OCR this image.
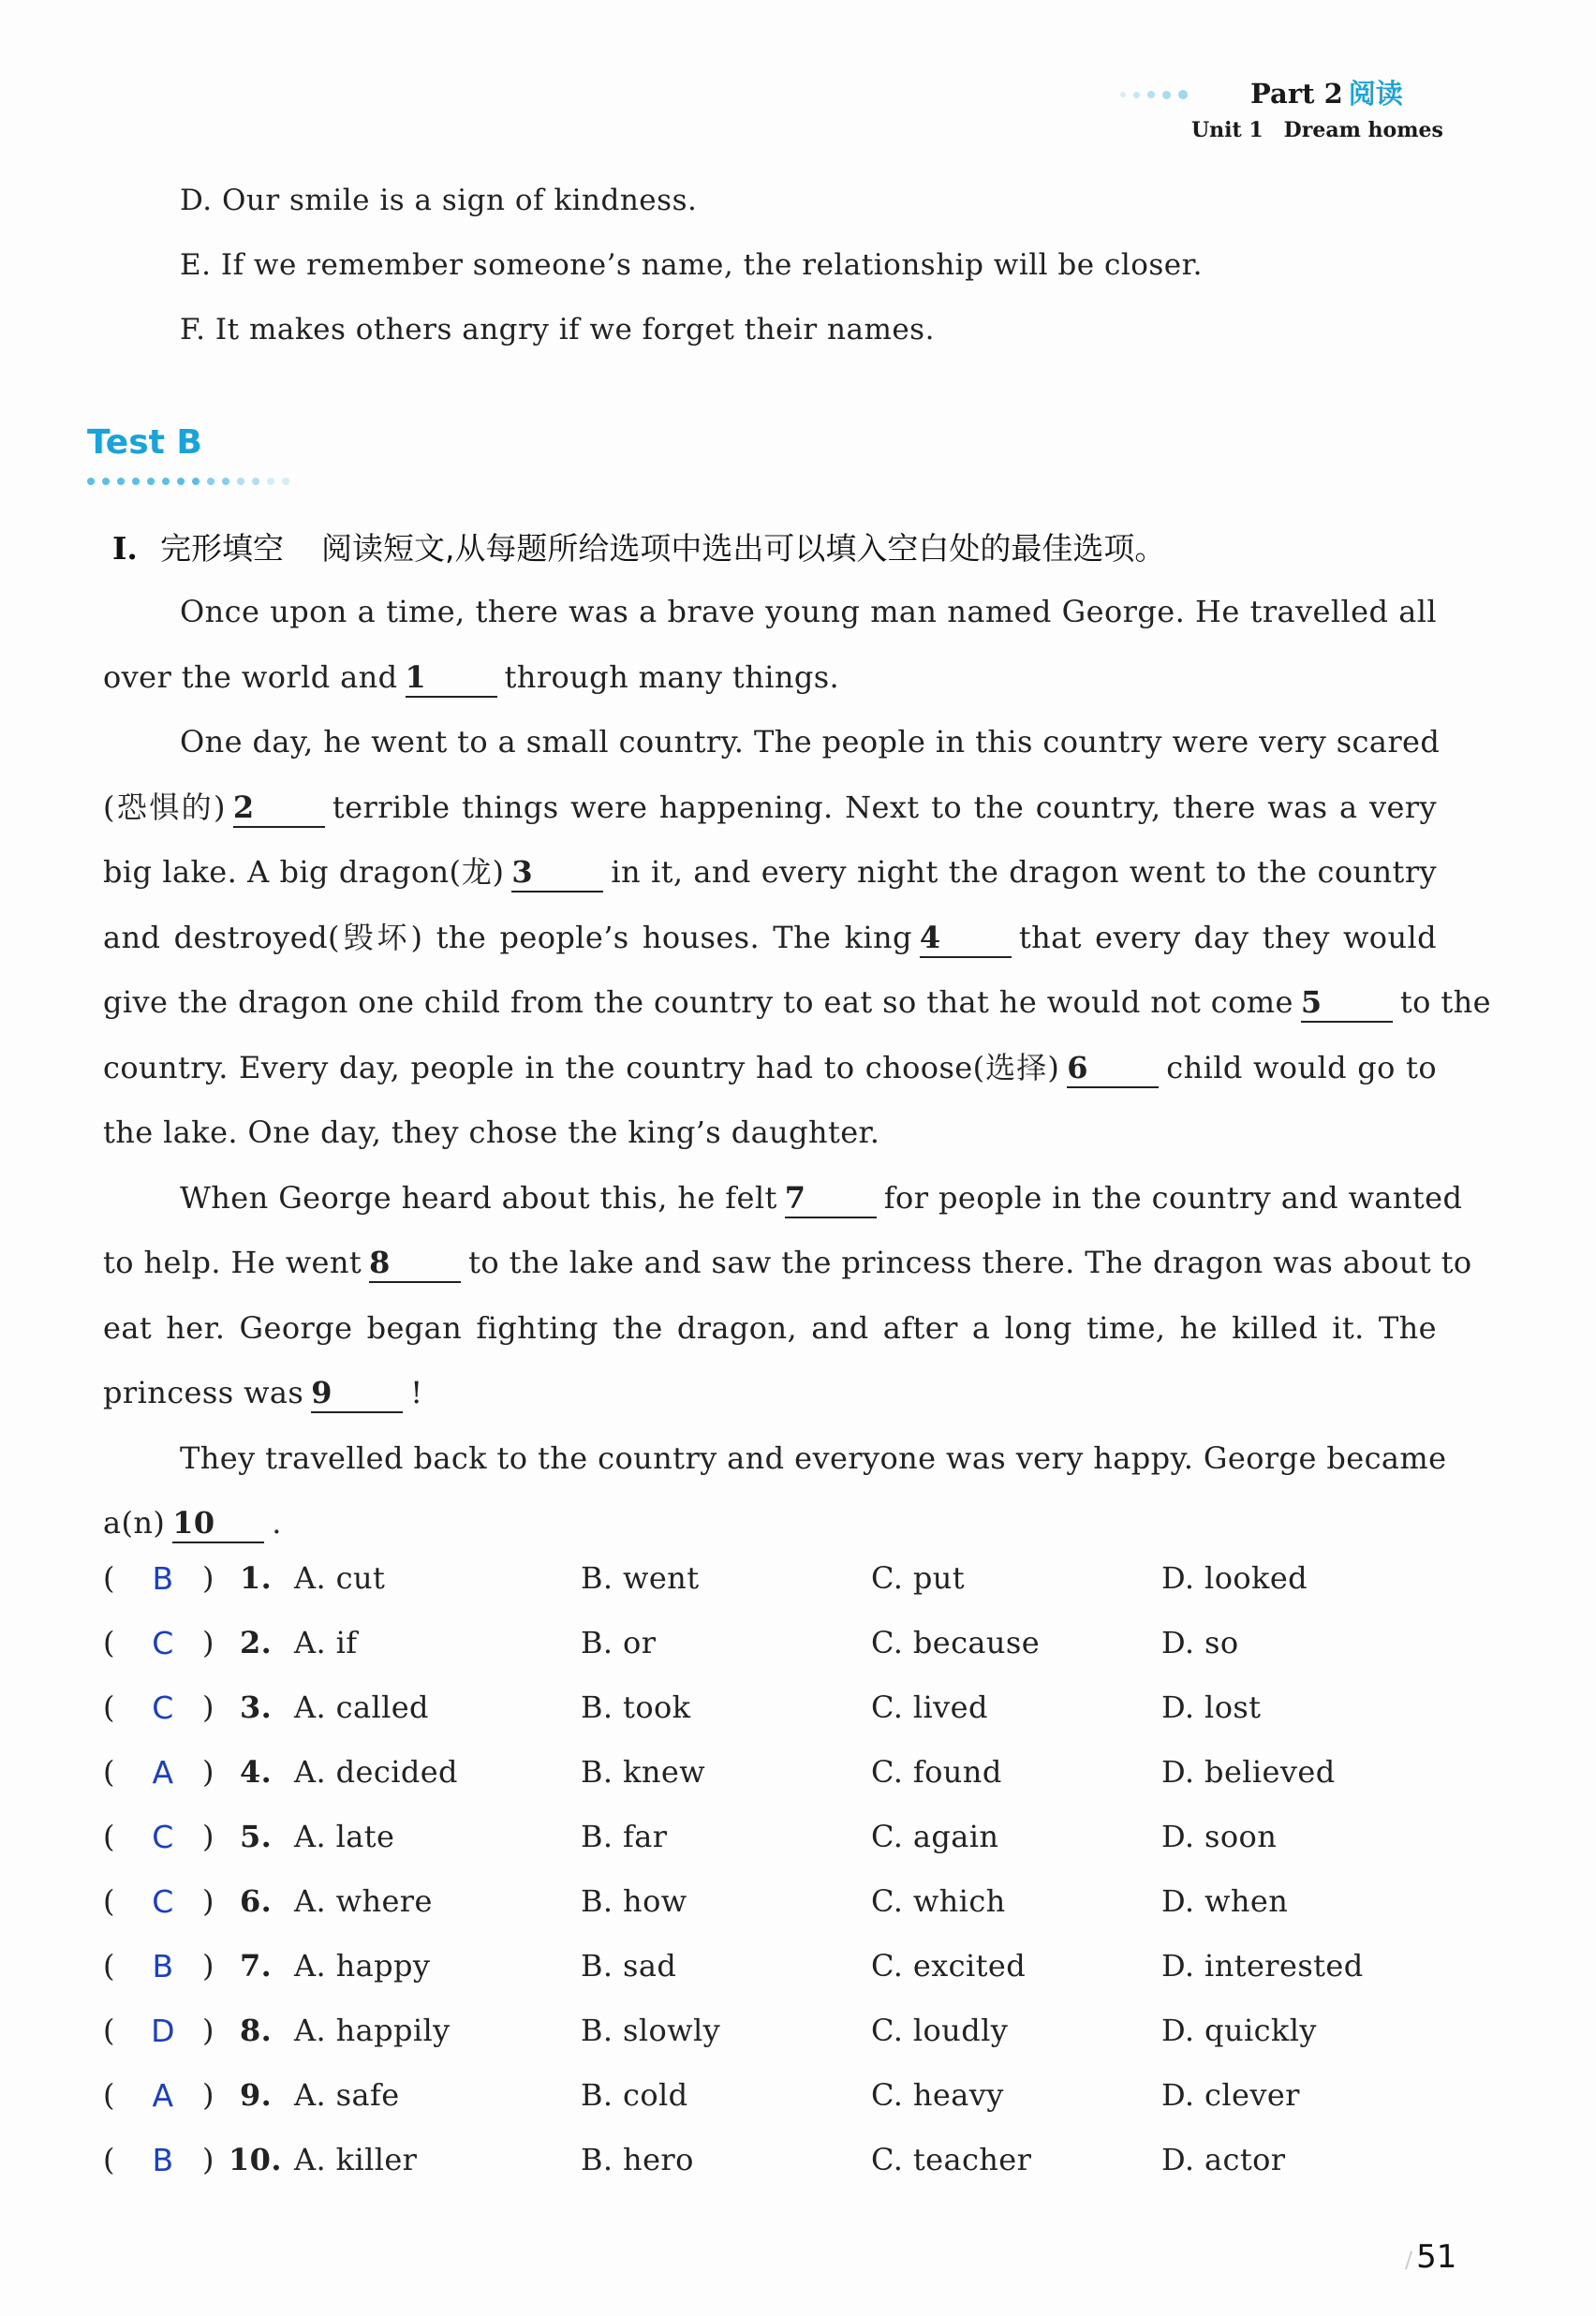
Part 2 阅读
Unit 1 Dream homes
D. Our smile is a sign of kindness.
E. If we remember someone’s name, the relationship will be closer.
F. It makes others angry if we forget their names.
Test B
I. 完形填空 阅读短文,从每题所给选项中选出可以填入空白处的最佳选项。
Once upon a time, there was a brave young man named George. He travelled all
over the world and 1	through many things.
One day, he went to a small country. The people in this country were very scared
(恐惧的) 2	terrible things were happening. Next to the country, there was a very
big lake. A big dragon(龙) 3	in it, and every night the dragon went to the country
and destroyed(毁坏) the people’s houses. The king 4	that every day they would
give the dragon one child from the country to eat so that he would not come 5	to the
country. Every day, people in the country had to choose(选择) 6	child would go to
the lake. One day, they chose the king’s daughter.
When George heard about this, he felt 7	for people in the country and wanted
to help. He went 8	to the lake and saw the princess there. The dragon was about to
eat her. George began fighting the dragon, and after a long time, he killed it. The
princess was 9	!
They travelled back to the country and everyone was very happy. George became
a(n) 10 .
( B ) 1. A. cut	B. went	C. put	D. looked
( C ) 2. A. if	B. or	C. because	D. so
( C ) 3. A. called	B. took	C. lived	D. lost
( A ) 4. A. decided	B. knew	C. found	D. believed
( C ) 5. A. late	B. far	C. again	D. soon
( C ) 6. A. where	B. how	C. which	D. when
( B ) 7. A. happy	B. sad	C. excited	D. interested
( D ) 8. A. happily	B. slowly	C. loudly	D. quickly
( A ) 9. A. safe	B. cold	C. heavy	D. clever
( B ) 10. A. killer	B. hero	C. teacher	D. actor
/ 51
